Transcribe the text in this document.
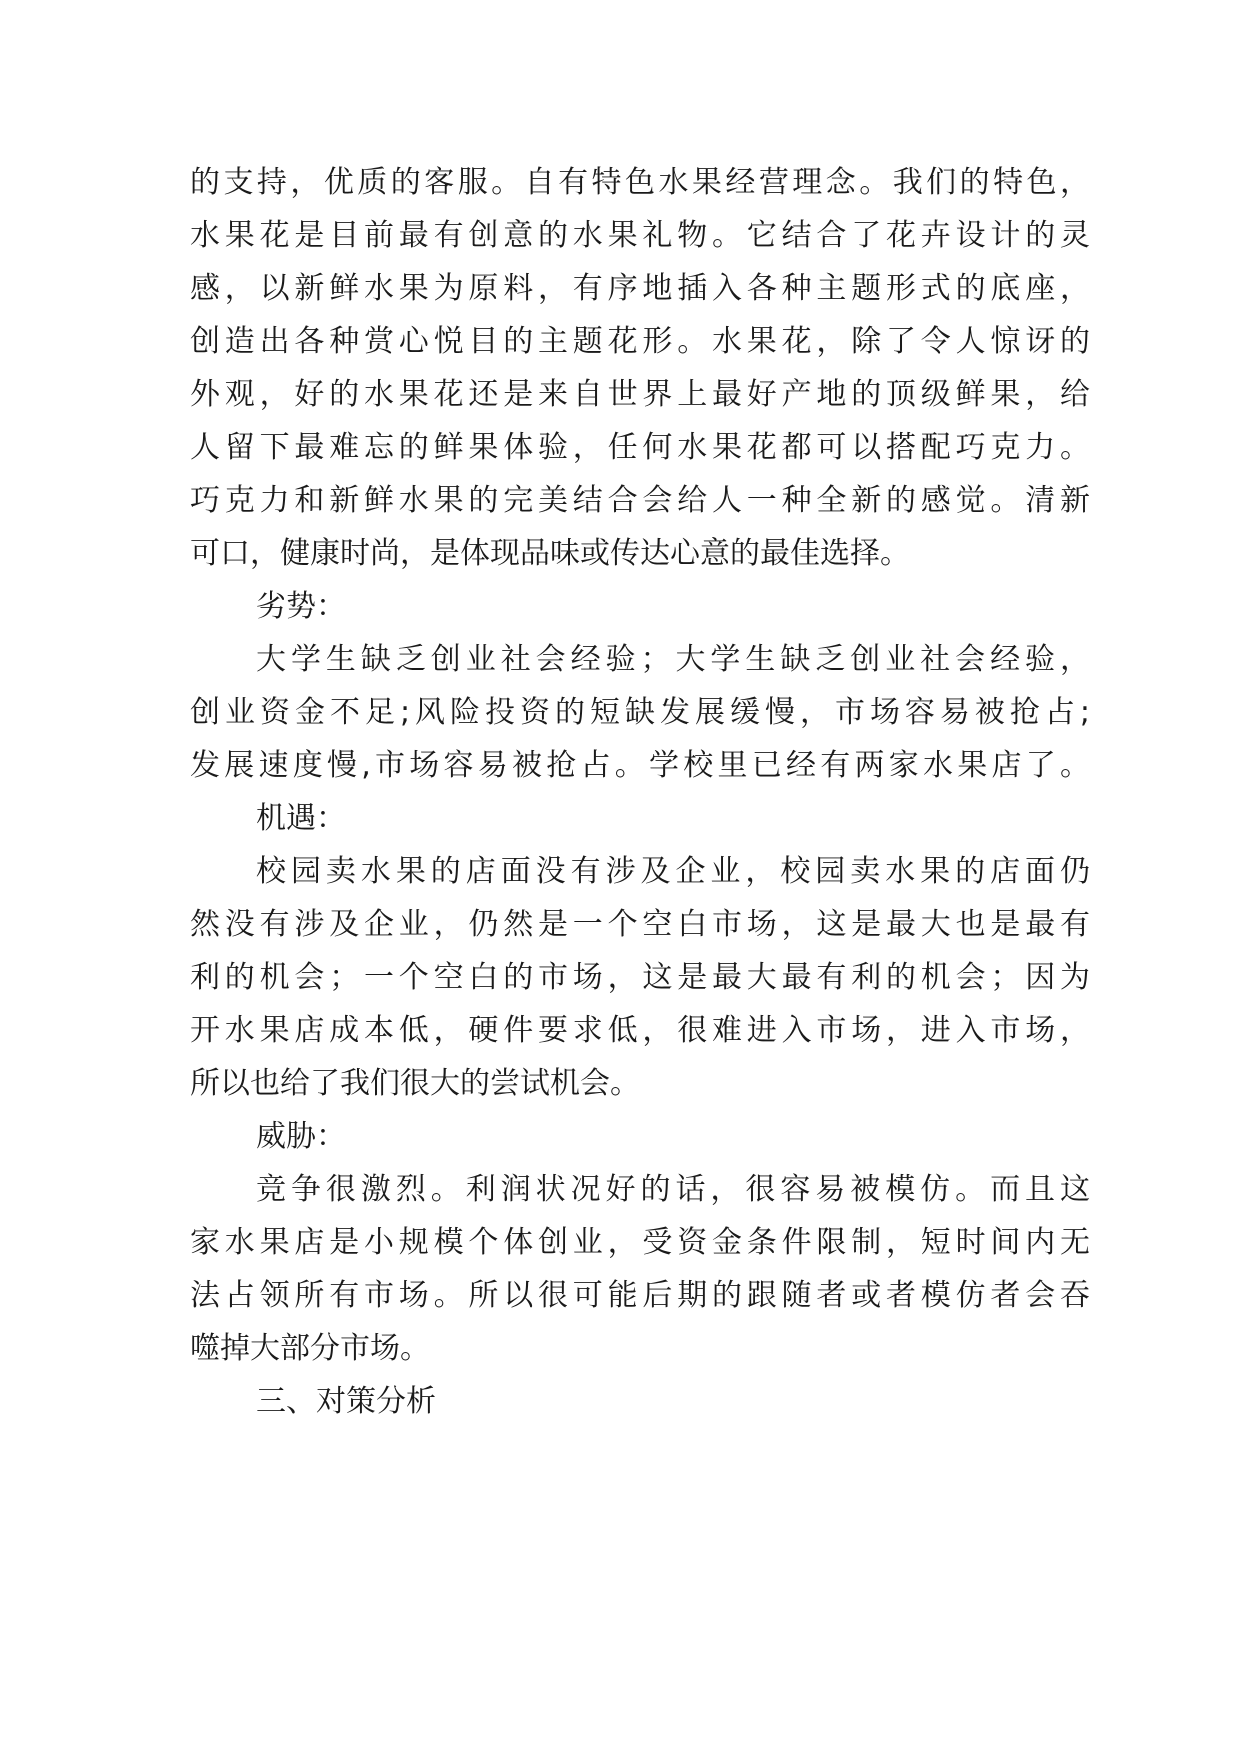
的支持，优质的客服。自有特色水果经营理念。我们的特色，
水果花是目前最有创意的水果礼物。它结合了花卉设计的灵
感，以新鲜水果为原料，有序地插入各种主题形式的底座，
创造出各种赏心悦目的主题花形。水果花，除了令人惊讶的
外观，好的水果花还是来自世界上最好产地的顶级鲜果，给
人留下最难忘的鲜果体验，任何水果花都可以搭配巧克力。
巧克力和新鲜水果的完美结合会给人一种全新的感觉。清新
可口，健康时尚，是体现品味或传达心意的最佳选择。
劣势：
大学生缺乏创业社会经验；大学生缺乏创业社会经验，
创业资金不足;风险投资的短缺发展缓慢，市场容易被抢占;
发展速度慢,市场容易被抢占。学校里已经有两家水果店了。
机遇：
校园卖水果的店面没有涉及企业，校园卖水果的店面仍
然没有涉及企业，仍然是一个空白市场，这是最大也是最有
利的机会；一个空白的市场，这是最大最有利的机会；因为
开水果店成本低，硬件要求低，很难进入市场，进入市场，
所以也给了我们很大的尝试机会。
威胁：
竞争很激烈。利润状况好的话，很容易被模仿。而且这
家水果店是小规模个体创业，受资金条件限制，短时间内无
法占领所有市场。所以很可能后期的跟随者或者模仿者会吞
噬掉大部分市场。
三、对策分析
